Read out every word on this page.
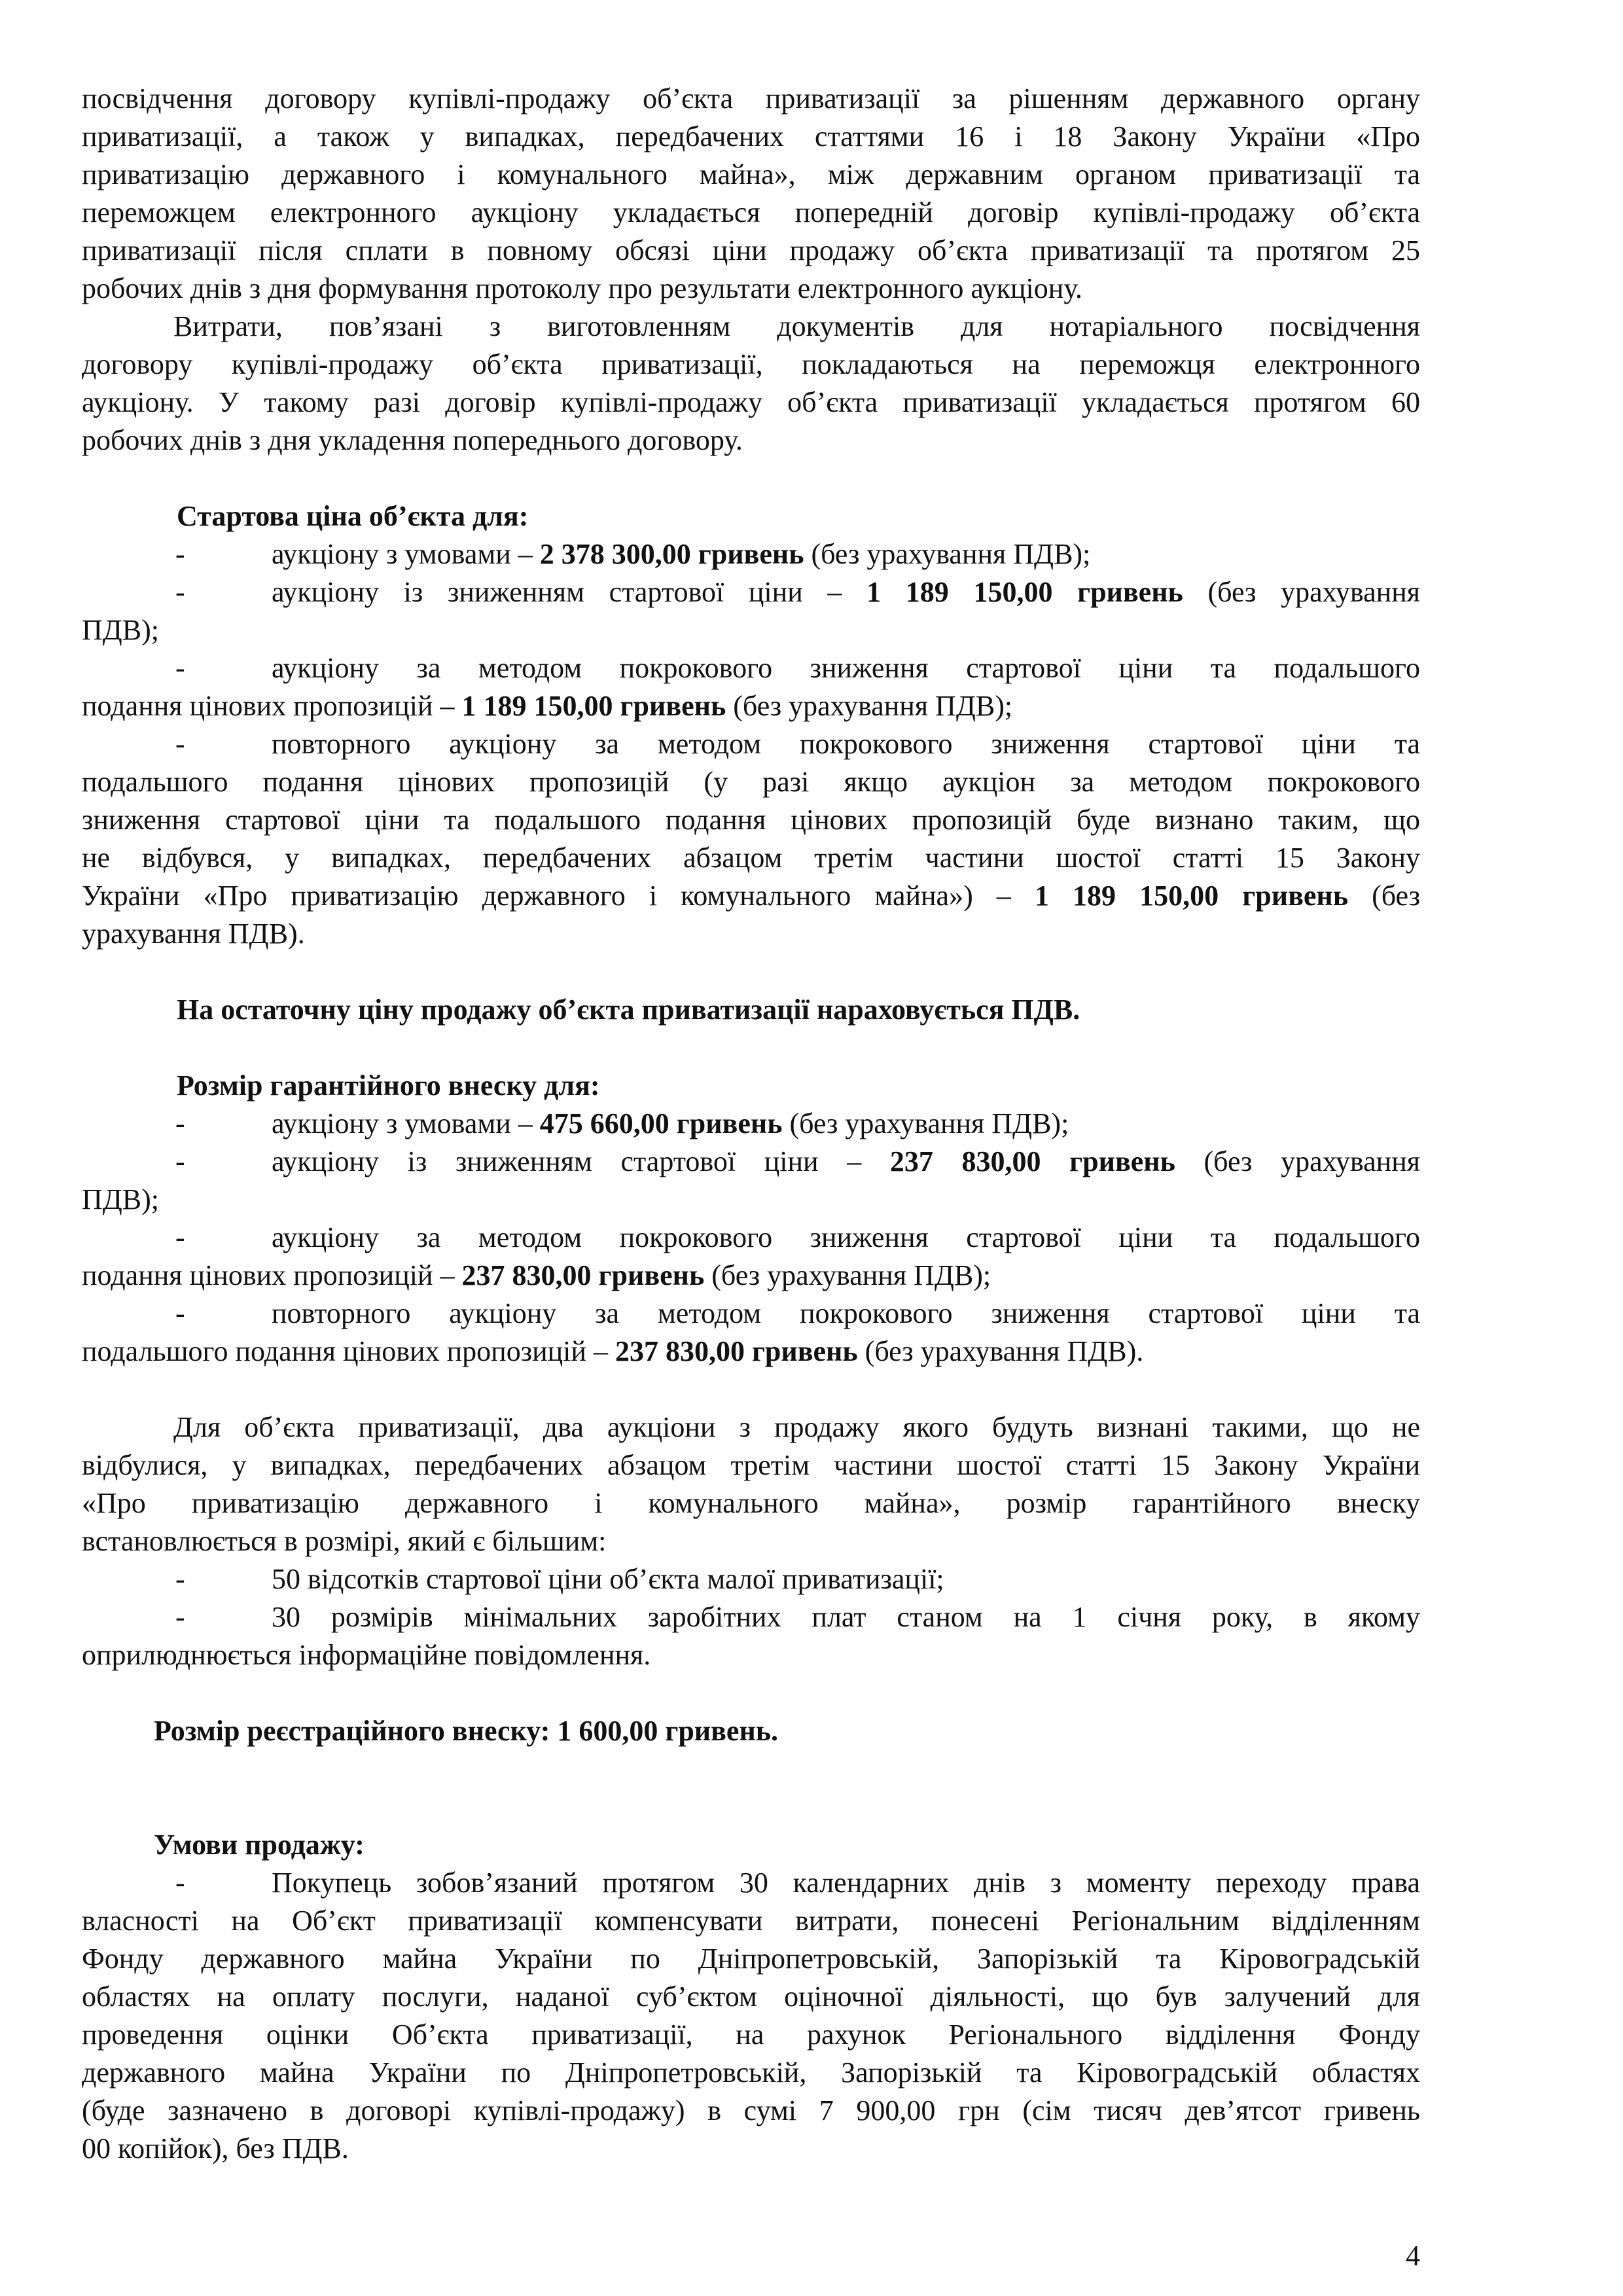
посвідчення договору купівлі-продажу об’єкта приватизації за рішенням державного органу
приватизації, а також у випадках, передбачених статтями 16 і 18 Закону України «Про
приватизацію державного і комунального майна», між державним органом приватизації та
переможцем електронного аукціону укладається попередній договір купівлі-продажу об’єкта
приватизації після сплати в повному обсязі ціни продажу об’єкта приватизації та протягом 25
робочих днів з дня формування протоколу про результати електронного аукціону.
Витрати, пов’язані з виготовленням документів для нотаріального посвідчення
договору купівлі-продажу об’єкта приватизації, покладаються на переможця електронного
аукціону. У такому разі договір купівлі-продажу об’єкта приватизації укладається протягом 60
робочих днів з дня укладення попереднього договору.
Стартова ціна об’єкта для:
-	аукціону з умовами – 2 378 300,00 гривень (без урахування ПДВ);
-	аукціону із зниженням стартової ціни – 1 189 150,00 гривень (без урахування
ПДВ);
-	аукціону за методом покрокового зниження стартової ціни та подальшого
подання цінових пропозицій – 1 189 150,00 гривень (без урахування ПДВ);
-	повторного аукціону за методом покрокового зниження стартової ціни та
подальшого подання цінових пропозицій (у разі якщо аукціон за методом покрокового
зниження стартової ціни та подальшого подання цінових пропозицій буде визнано таким, що
не відбувся, у випадках, передбачених абзацом третім частини шостої статті 15 Закону
України «Про приватизацію державного і комунального майна») – 1 189 150,00 гривень (без
урахування ПДВ).
На остаточну ціну продажу об’єкта приватизації нараховується ПДВ.
Розмір гарантійного внеску для:
-	аукціону з умовами – 475 660,00 гривень (без урахування ПДВ);
-	аукціону із зниженням стартової ціни – 237 830,00 гривень (без урахування
ПДВ);
-	аукціону за методом покрокового зниження стартової ціни та подальшого
подання цінових пропозицій – 237 830,00 гривень (без урахування ПДВ);
-	повторного аукціону за методом покрокового зниження стартової ціни та
подальшого подання цінових пропозицій – 237 830,00 гривень (без урахування ПДВ).
Для об’єкта приватизації, два аукціони з продажу якого будуть визнані такими, що не
відбулися, у випадках, передбачених абзацом третім частини шостої статті 15 Закону України
«Про приватизацію державного і комунального майна», розмір гарантійного внеску
встановлюється в розмірі, який є більшим:
-	50 відсотків стартової ціни об’єкта малої приватизації;
-	30 розмірів мінімальних заробітних плат станом на 1 січня року, в якому
оприлюднюється інформаційне повідомлення.
Розмір реєстраційного внеску: 1 600,00 гривень.
Умови продажу:
-	Покупець зобов’язаний протягом 30 календарних днів з моменту переходу права
власності на Об’єкт приватизації компенсувати витрати, понесені Регіональним відділенням
Фонду державного майна України по Дніпропетровській, Запорізькій та Кіровоградській
областях на оплату послуги, наданої суб’єктом оціночної діяльності, що був залучений для
проведення оцінки Об’єкта приватизації, на рахунок Регіонального відділення Фонду
державного майна України по Дніпропетровській, Запорізькій та Кіровоградській областях
(буде зазначено в договорі купівлі-продажу) в сумі 7 900,00 грн (сім тисяч дев’ятсот гривень
00 копійок), без ПДВ.
4
